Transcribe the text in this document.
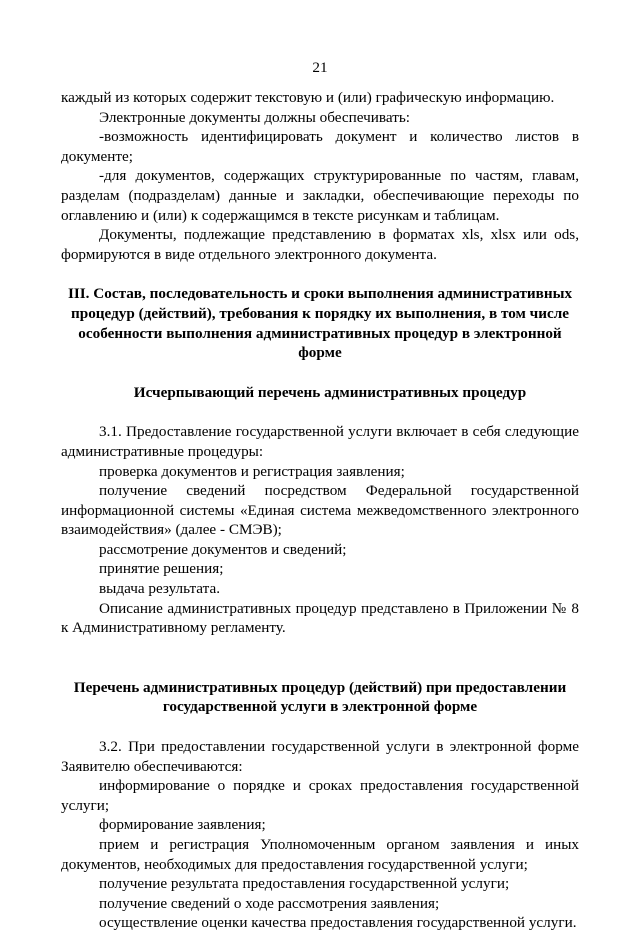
21

каждый из которых содержит текстовую и (или) графическую информацию.

Электронные документы должны обеспечивать:

-возможность идентифицировать документ и количество листов в документе;

-для документов, содержащих структурированные по частям, главам, разделам (подразделам) данные и закладки, обеспечивающие переходы по оглавлению и (или) к содержащимся в тексте рисункам и таблицам.

Документы, подлежащие представлению в форматах xls, xlsx или ods, формируются в виде отдельного электронного документа.

III. Состав, последовательность и сроки выполнения административных процедур (действий), требования к порядку их выполнения, в том числе особенности выполнения административных процедур в электронной форме
Исчерпывающий перечень административных процедур

3.1. Предоставление государственной услуги включает в себя следующие административные процедуры:

проверка документов и регистрация заявления;

получение сведений посредством Федеральной государственной информационной системы «Единая система межведомственного электронного взаимодействия» (далее - СМЭВ);

рассмотрение документов и сведений;

принятие решения;

выдача результата.

Описание административных процедур представлено в Приложении № 8 к Административному регламенту.

Перечень административных процедур (действий) при предоставлении государственной услуги в электронной форме

3.2. При предоставлении государственной услуги в электронной форме Заявителю обеспечиваются:

информирование о порядке и сроках предоставления государственной услуги;

формирование заявления;

прием и регистрация Уполномоченным органом заявления и иных документов, необходимых для предоставления государственной услуги;

получение результата предоставления государственной услуги;

получение сведений о ходе рассмотрения заявления;

осуществление оценки качества предоставления государственной услуги.
